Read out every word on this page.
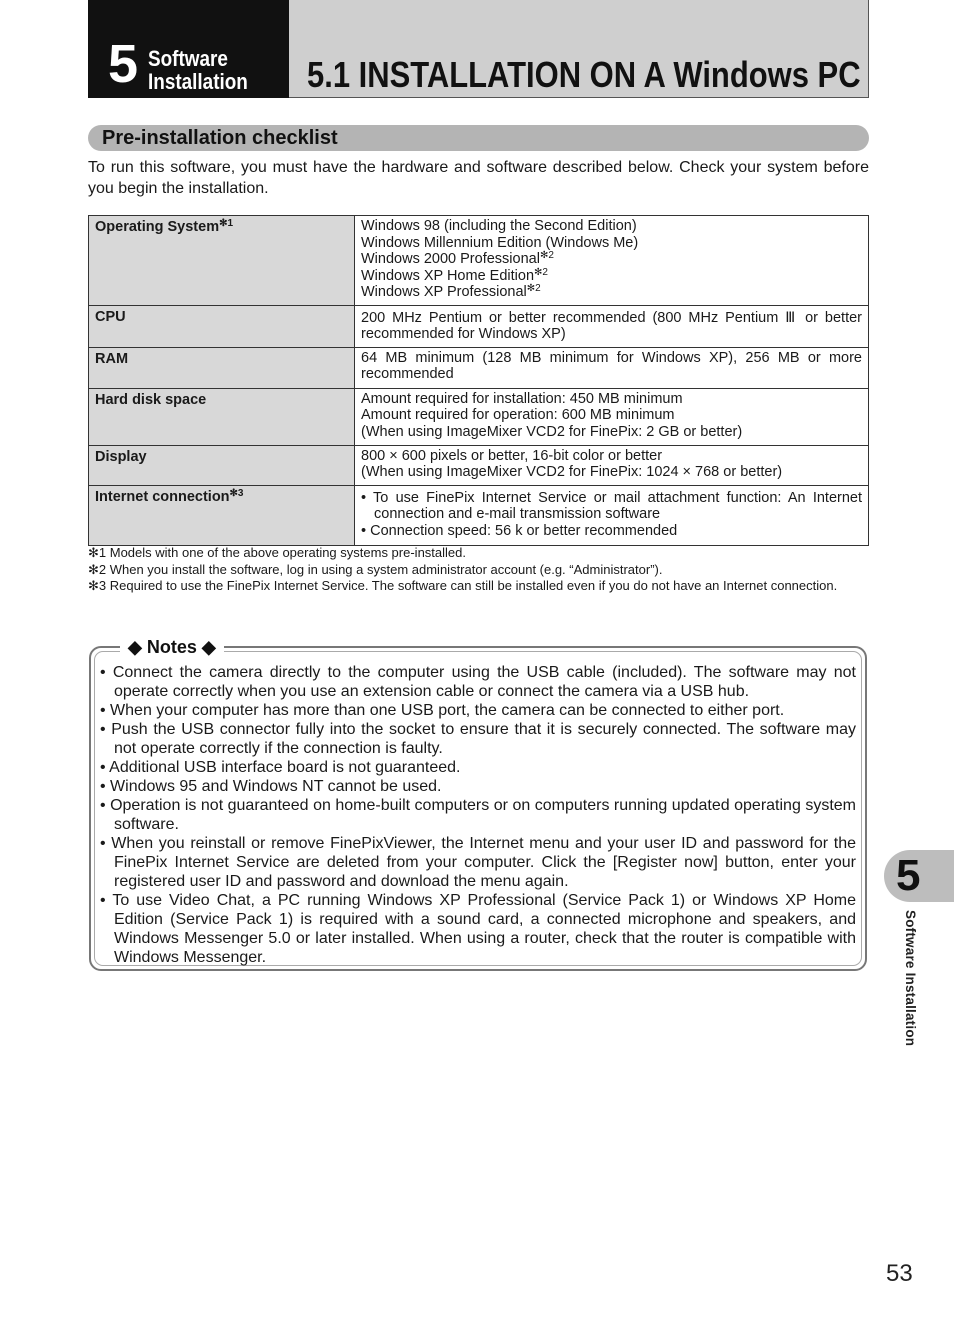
5 Software
Installation 5.1 INSTALLATION ON A Windows PC
Pre-installation checklist
To run this software, you must have the hardware and software described below. Check your system before you begin the installation.
Operating System$^{✻1}$	Windows 98 (including the Second Edition)
Windows Millennium Edition (Windows Me)
Windows 2000 Professional$^{✻2}$
Windows XP Home Edition$^{✻2}$
Windows XP Professional$^{✻2}$

CPU	200 MHz Pentium or better recommended (800 MHz Pentium Ⅲ or better recommended for Windows XP)

RAM	64 MB minimum (128 MB minimum for Windows XP), 256 MB or more recommended

Hard disk space	Amount required for installation: 450 MB minimum
Amount required for operation: 600 MB minimum
(When using ImageMixer VCD2 for FinePix: 2 GB or better)

Display	800 × 600 pixels or better, 16-bit color or better
(When using ImageMixer VCD2 for FinePix: 1024 × 768 or better)

Internet connection$^{✻3}$	• To use FinePix Internet Service or mail attachment function: An Internet connection and e-mail transmission software
• Connection speed: 56 k or better recommended
✻1 Models with one of the above operating systems pre-installed.
✻2 When you install the software, log in using a system administrator account (e.g. “Administrator”).
✻3 Required to use the FinePix Internet Service. The software can still be installed even if you do not have an Internet connection.
◆ Notes ◆
• Connect the camera directly to the computer using the USB cable (included). The software may not operate correctly when you use an extension cable or connect the camera via a USB hub.
• When your computer has more than one USB port, the camera can be connected to either port.
• Push the USB connector fully into the socket to ensure that it is securely connected. The software may not operate correctly if the connection is faulty.
• Additional USB interface board is not guaranteed.
• Windows 95 and Windows NT cannot be used.
• Operation is not guaranteed on home-built computers or on computers running updated operating system software.
• When you reinstall or remove FinePixViewer, the Internet menu and your user ID and password for the FinePix Internet Service are deleted from your computer. Click the [Register now] button, enter your registered user ID and password and download the menu again.
• To use Video Chat, a PC running Windows XP Professional (Service Pack 1) or Windows XP Home Edition (Service Pack 1) is required with a sound card, a connected microphone and speakers, and Windows Messenger 5.0 or later installed. When using a router, check that the router is compatible with Windows Messenger.
5
Software Installation
53
